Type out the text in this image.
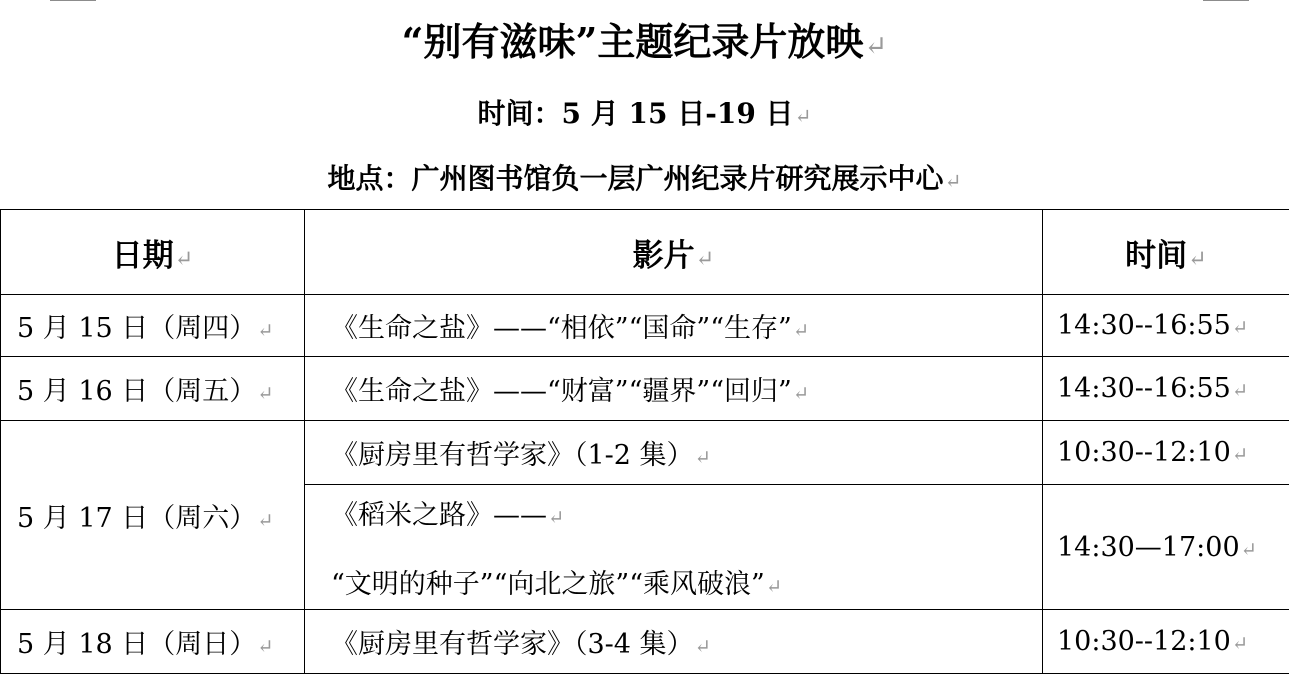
“别有滋味”主题纪录片放映↵
时间：5 月 15 日-19 日↵
地点：广州图书馆负一层广州纪录片研究展示中心↵
日期↵	影片↵	时间↵
5 月 15 日（周四）↵	《生命之盐》——“相依”“国命”“生存”↵	14:30--16:55↵
5 月 16 日（周五）↵	《生命之盐》——“财富”“疆界”“回归”↵	14:30--16:55↵
5 月 17 日（周六）↵	《厨房里有哲学家》（1-2 集）↵	10:30--12:10↵
	《稻米之路》——↵
“文明的种子”“向北之旅”“乘风破浪”↵	14:30—17:00↵
5 月 18 日（周日）↵	《厨房里有哲学家》（3-4 集）↵	10:30--12:10↵
